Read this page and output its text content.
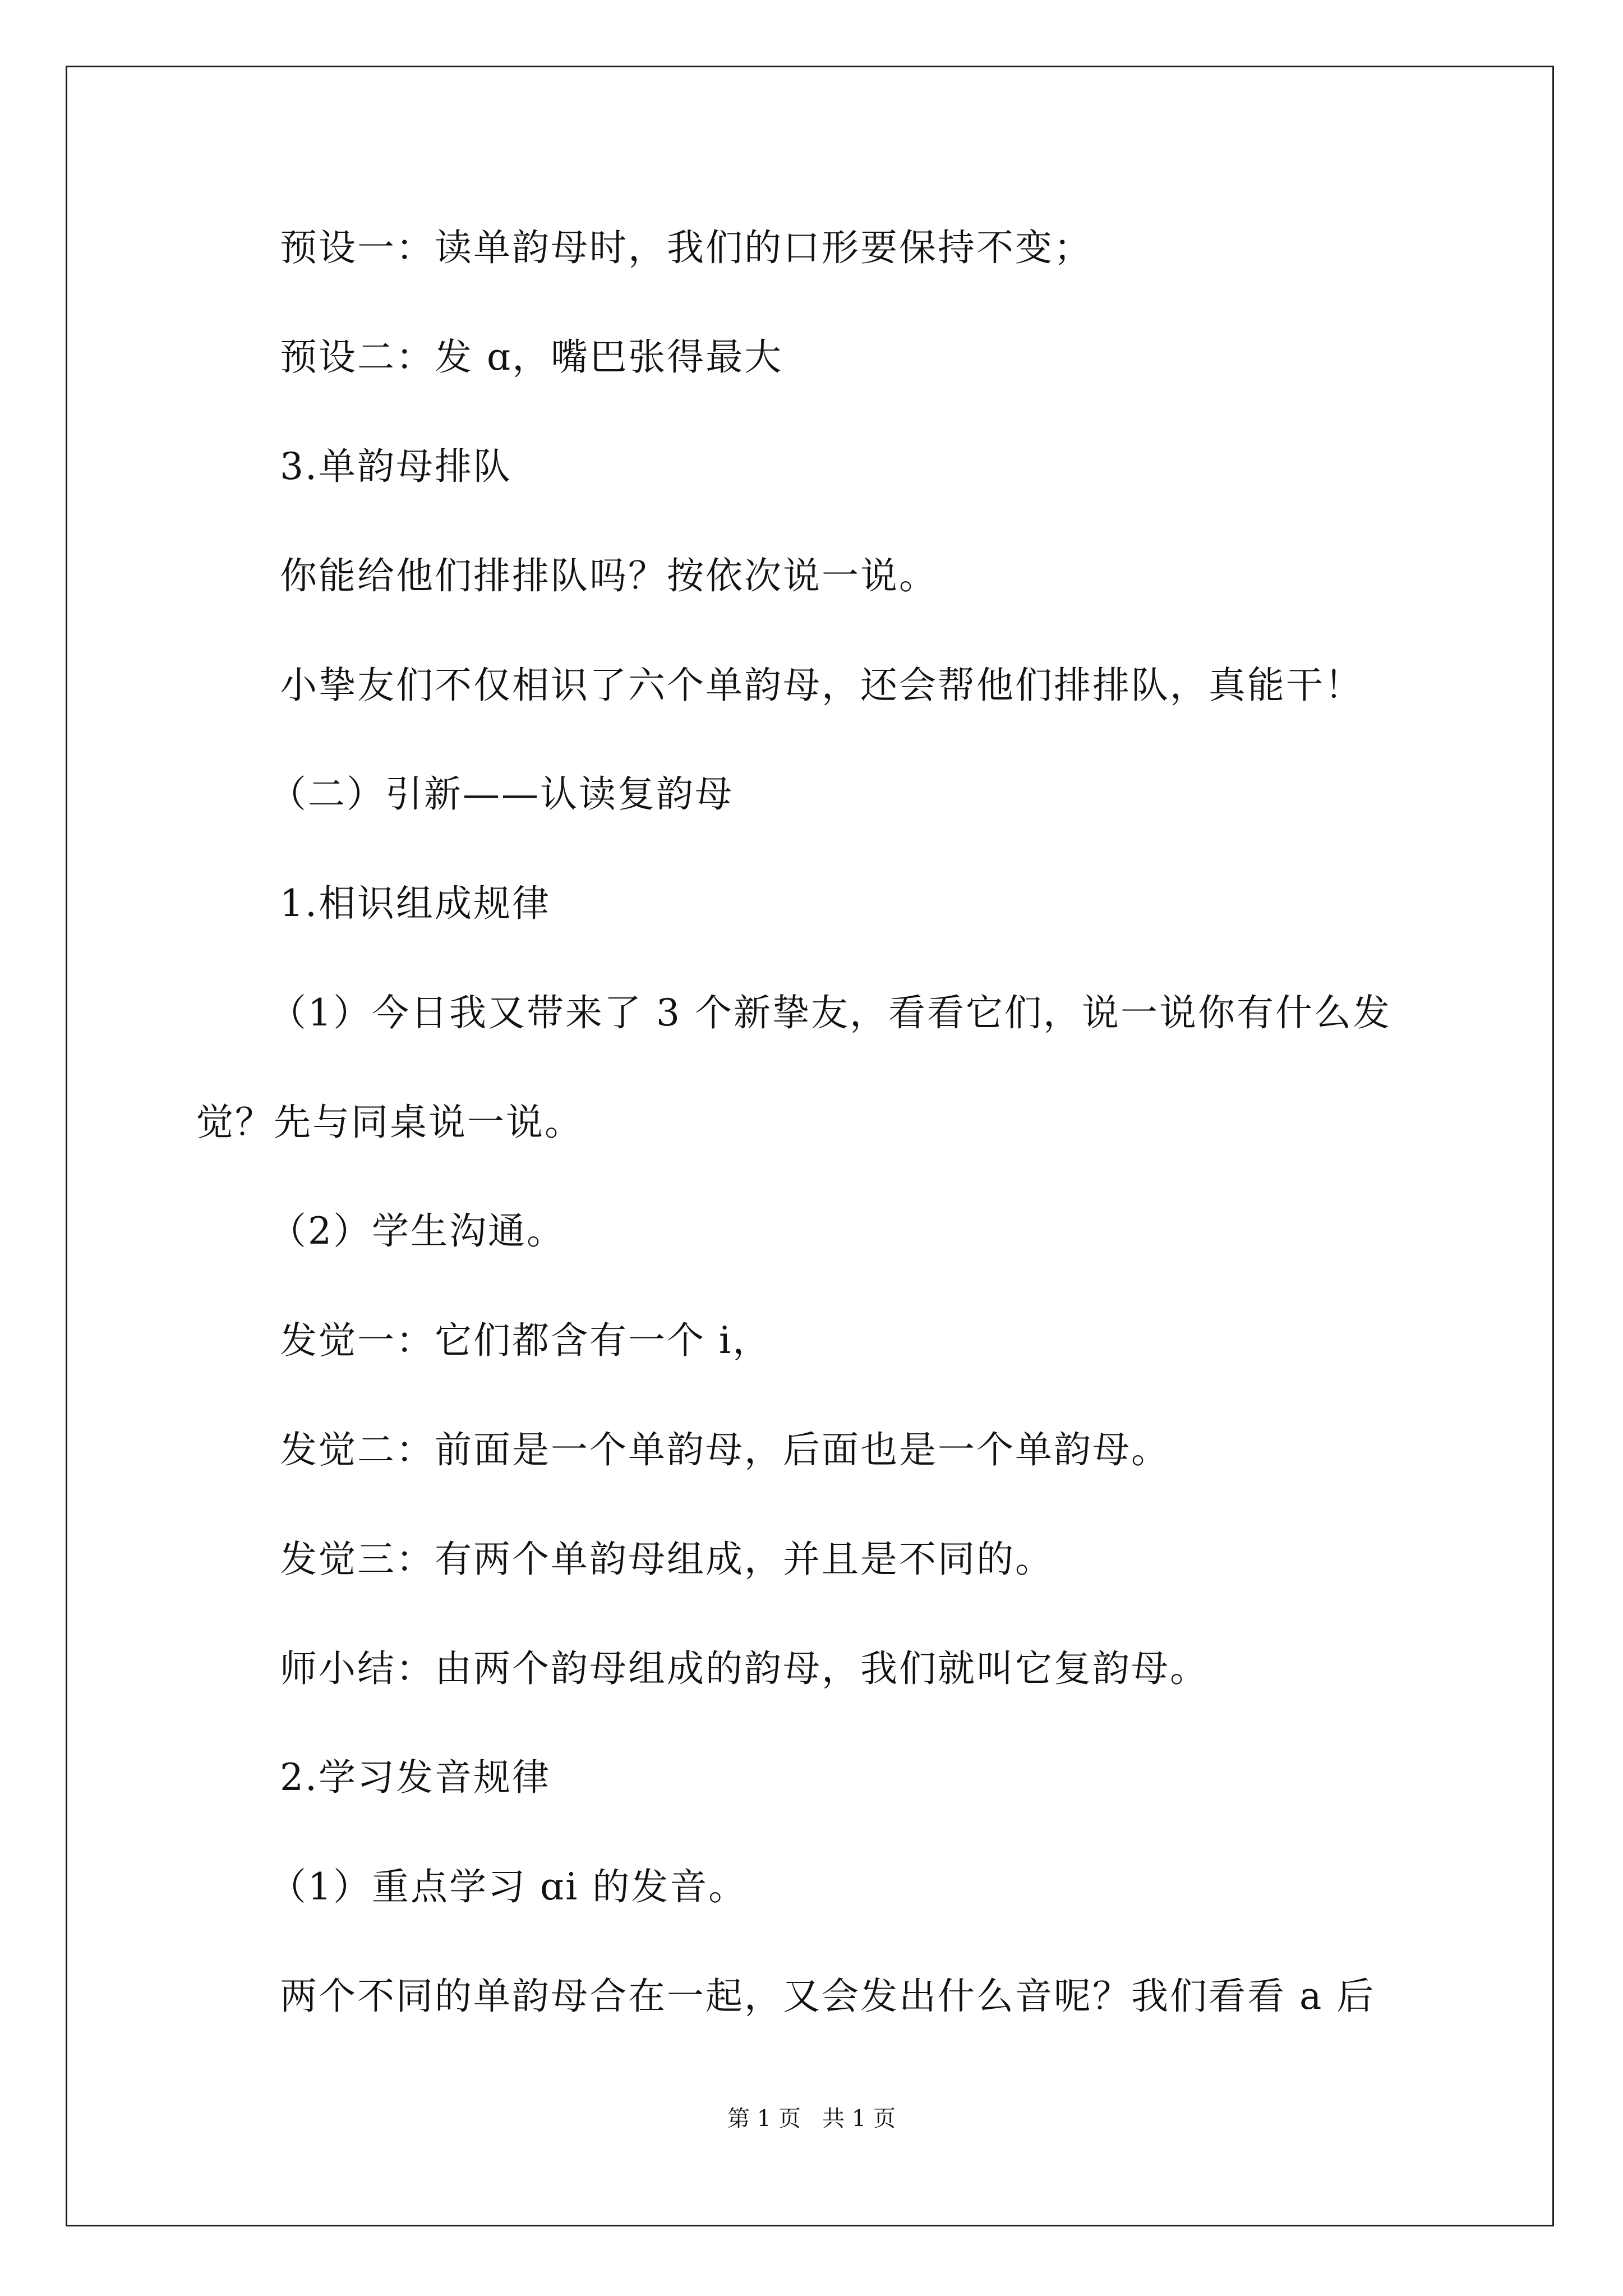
预设一：读单韵母时，我们的口形要保持不变；
预设二：发 ɑ，嘴巴张得最大
3.单韵母排队
你能给他们排排队吗？按依次说一说。
小挚友们不仅相识了六个单韵母，还会帮他们排排队，真能干！
（二）引新——认读复韵母
1.相识组成规律
（1）今日我又带来了 3 个新挚友，看看它们，说一说你有什么发
觉？先与同桌说一说。
（2）学生沟通。
发觉一：它们都含有一个 i，
发觉二：前面是一个单韵母，后面也是一个单韵母。
发觉三：有两个单韵母组成，并且是不同的。
师小结：由两个韵母组成的韵母，我们就叫它复韵母。
2.学习发音规律
（1）重点学习 ɑi 的发音。
两个不同的单韵母合在一起，又会发出什么音呢？我们看看 a 后
第 1 页   共 1 页
